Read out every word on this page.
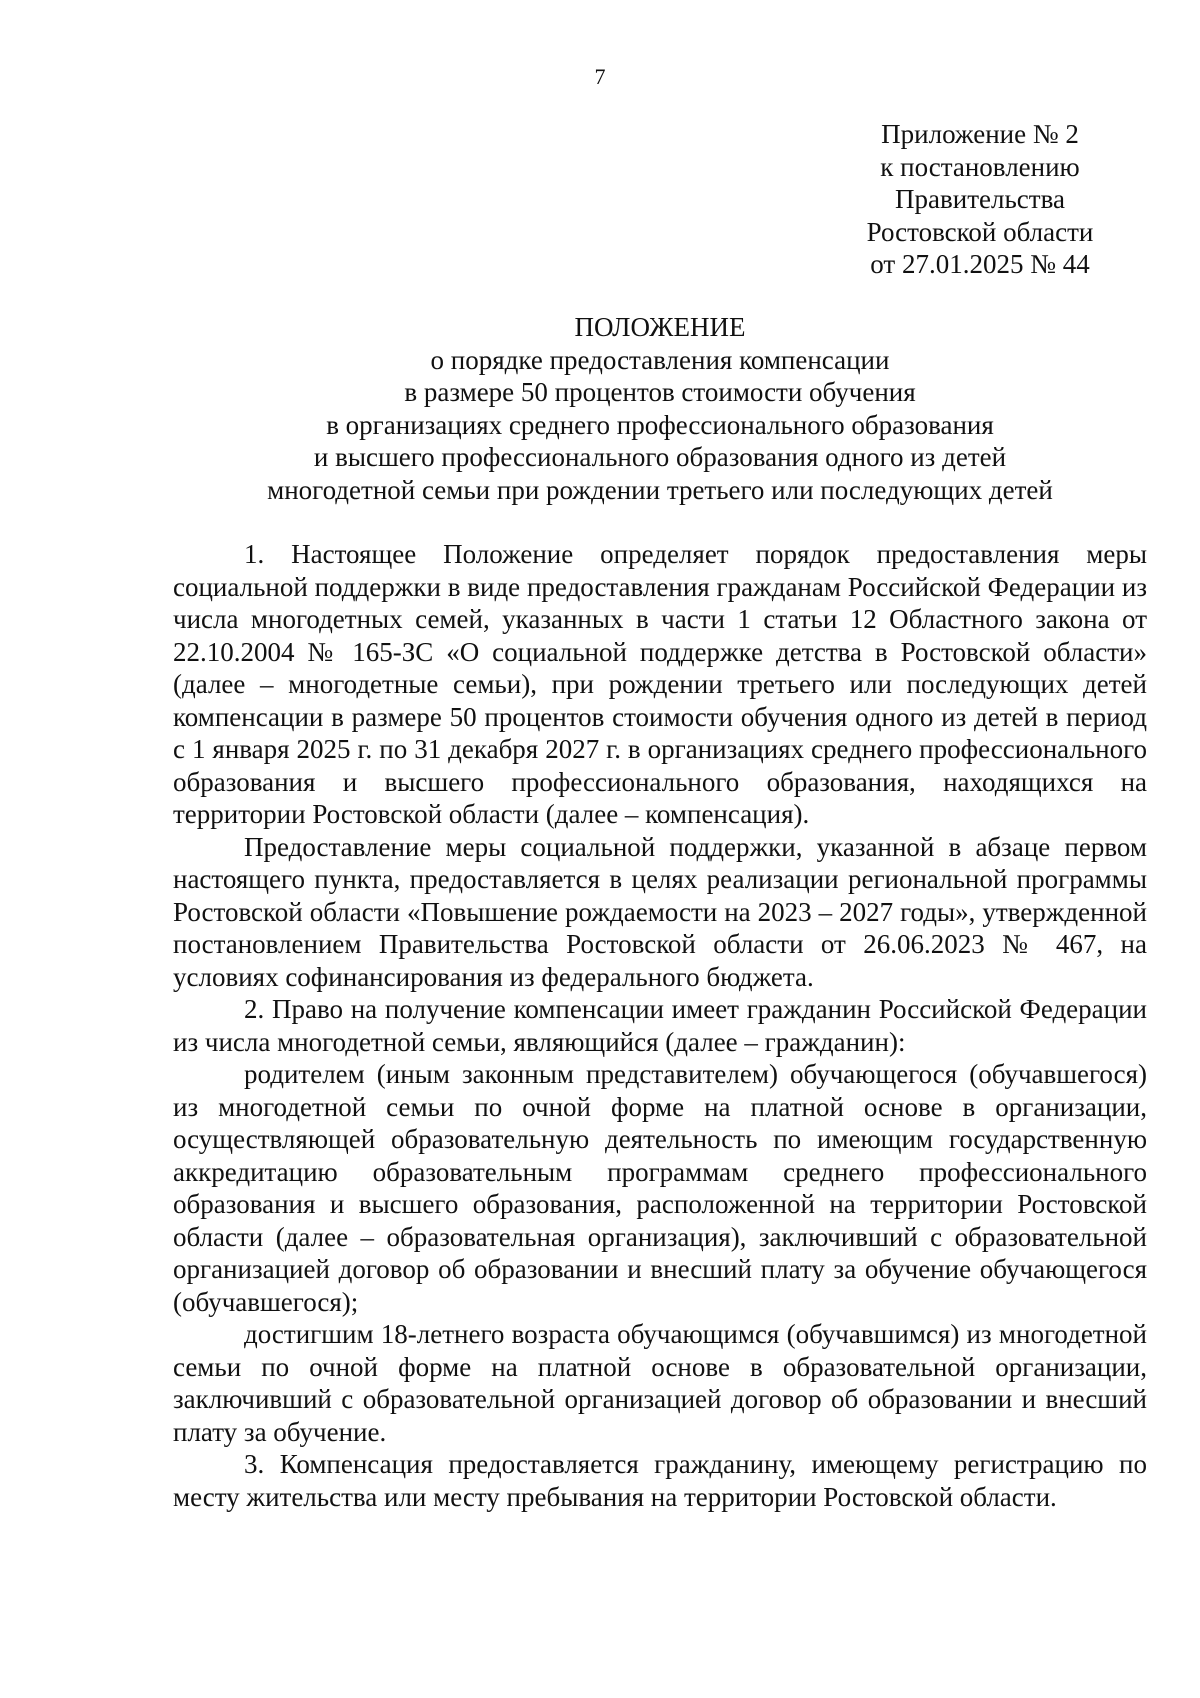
7
Приложение № 2
к постановлению
Правительства
Ростовской области
от 27.01.2025 № 44
ПОЛОЖЕНИЕ
о порядке предоставления компенсации
в размере 50 процентов стоимости обучения
в организациях среднего профессионального образования
и высшего профессионального образования одного из детей
многодетной семьи при рождении третьего или последующих детей

1. Настоящее Положение определяет порядок предоставления меры социальной поддержки в виде предоставления гражданам Российской Федерации из числа многодетных семей, указанных в части 1 статьи 12 Областного закона от 22.10.2004 № 165-ЗС «О социальной поддержке детства в Ростовской области» (далее – многодетные семьи), при рождении третьего или последующих детей компенсации в размере 50 процентов стоимости обучения одного из детей в период с 1 января 2025 г. по 31 декабря 2027 г. в организациях среднего профессионального образования и высшего профессионального образования, находящихся на территории Ростовской области (далее – компенсация).

Предоставление меры социальной поддержки, указанной в абзаце первом настоящего пункта, предоставляется в целях реализации региональной программы Ростовской области «Повышение рождаемости на 2023 – 2027 годы», утвержденной постановлением Правительства Ростовской области от 26.06.2023 № 467, на условиях софинансирования из федерального бюджета.

2. Право на получение компенсации имеет гражданин Российской Федерации из числа многодетной семьи, являющийся (далее – гражданин):

родителем (иным законным представителем) обучающегося (обучавшегося) из многодетной семьи по очной форме на платной основе в организации, осуществляющей образовательную деятельность по имеющим государственную аккредитацию образовательным программам среднего профессионального образования и высшего образования, расположенной на территории Ростовской области (далее – образовательная организация), заключивший с образовательной организацией договор об образовании и внесший плату за обучение обучающегося (обучавшегося);

достигшим 18-летнего возраста обучающимся (обучавшимся) из многодетной семьи по очной форме на платной основе в образовательной организации, заключивший с образовательной организацией договор об образовании и внесший плату за обучение.

3. Компенсация предоставляется гражданину, имеющему регистрацию по месту жительства или месту пребывания на территории Ростовской области.
